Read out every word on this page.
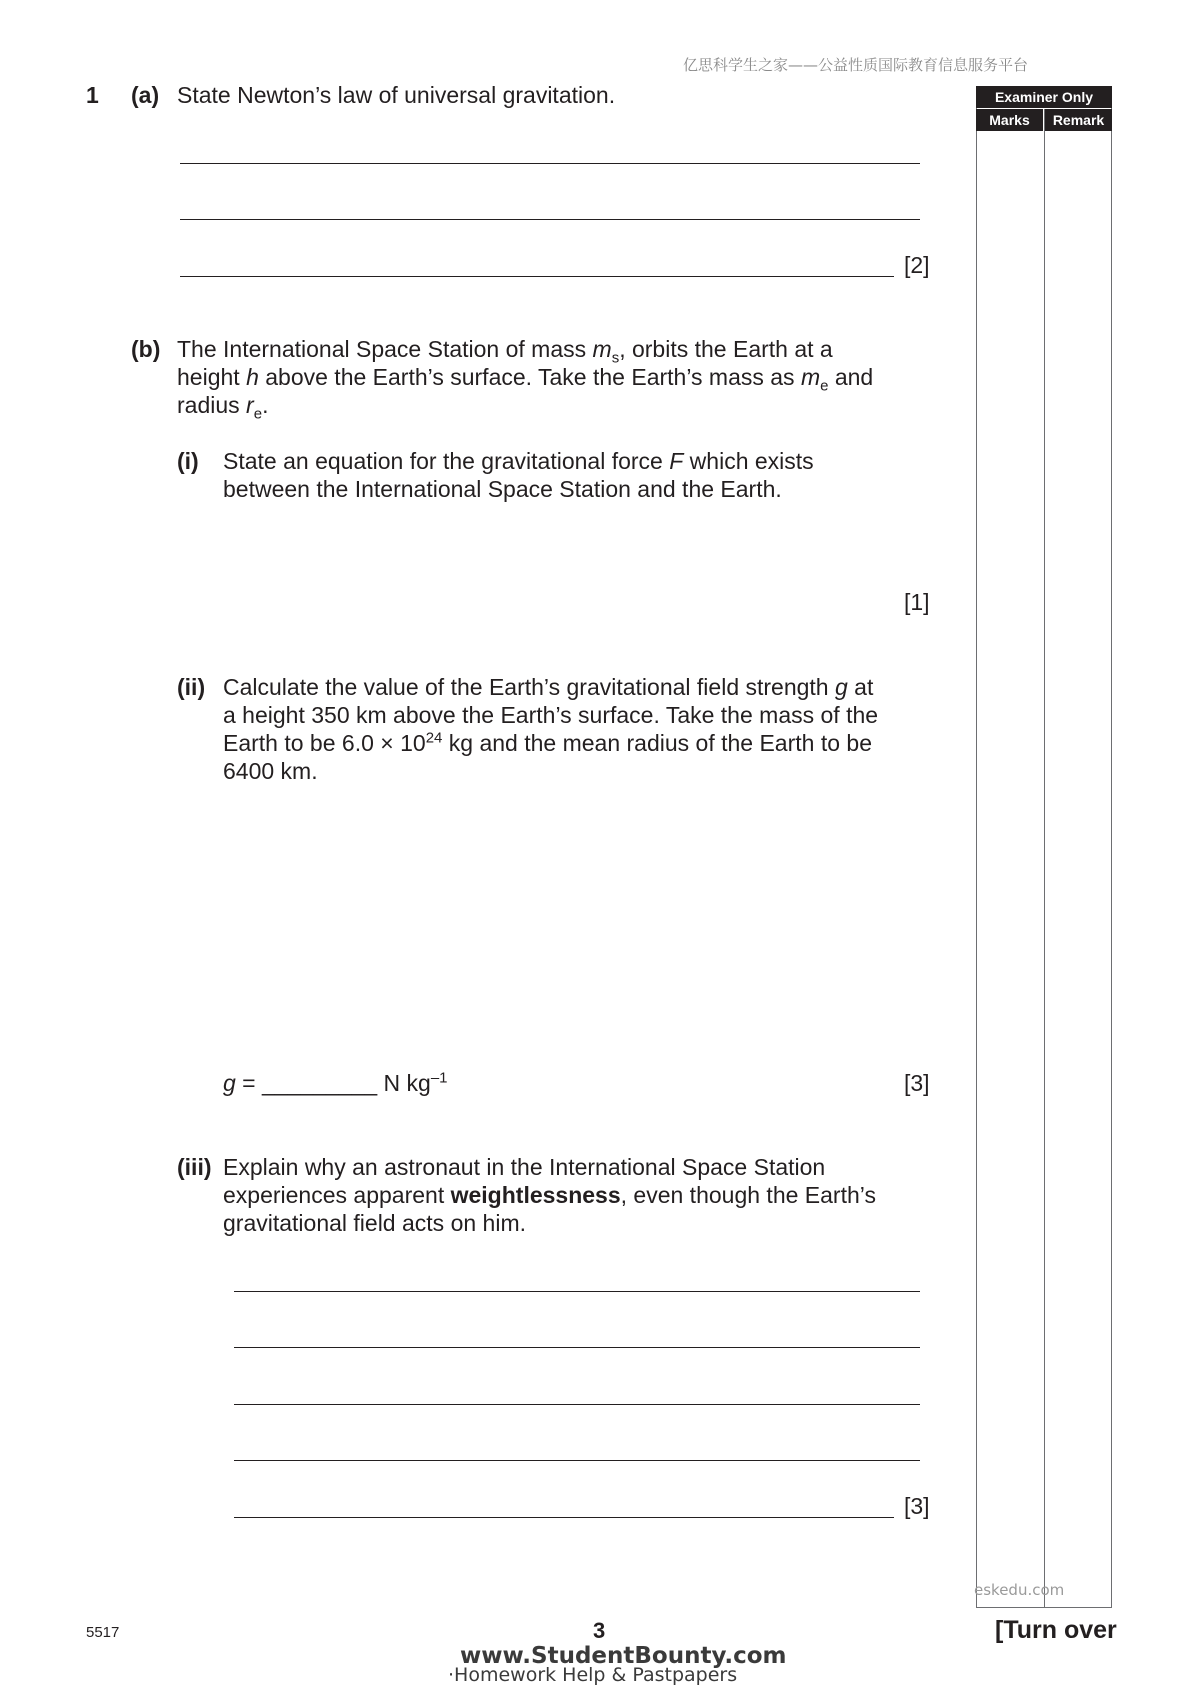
亿思科学生之家——公益性质国际教育信息服务平台
Examiner Only
Marks	Remark
1 (a) State Newton’s law of universal gravitation.
[2]
(b) The International Space Station of mass $m_s$, orbits the Earth at a
height h above the Earth’s surface. Take the Earth’s mass as $m_e$ and
radius $r_e$.
(i) State an equation for the gravitational force F which exists
between the International Space Station and the Earth.
[1]
(ii) Calculate the value of the Earth’s gravitational field strength g at
a height 350 km above the Earth’s surface. Take the mass of the
Earth to be $6.0 \times 10^{24}$ kg and the mean radius of the Earth to be
6400 km.
g = _________ N $kg^{-1}$	[3]
(iii) Explain why an astronaut in the International Space Station
experiences apparent weightlessness, even though the Earth’s
gravitational field acts on him.
[3]
eskedu.com
5517	3	[Turn over
www.StudentBounty.com
·Homework Help & Pastpapers
